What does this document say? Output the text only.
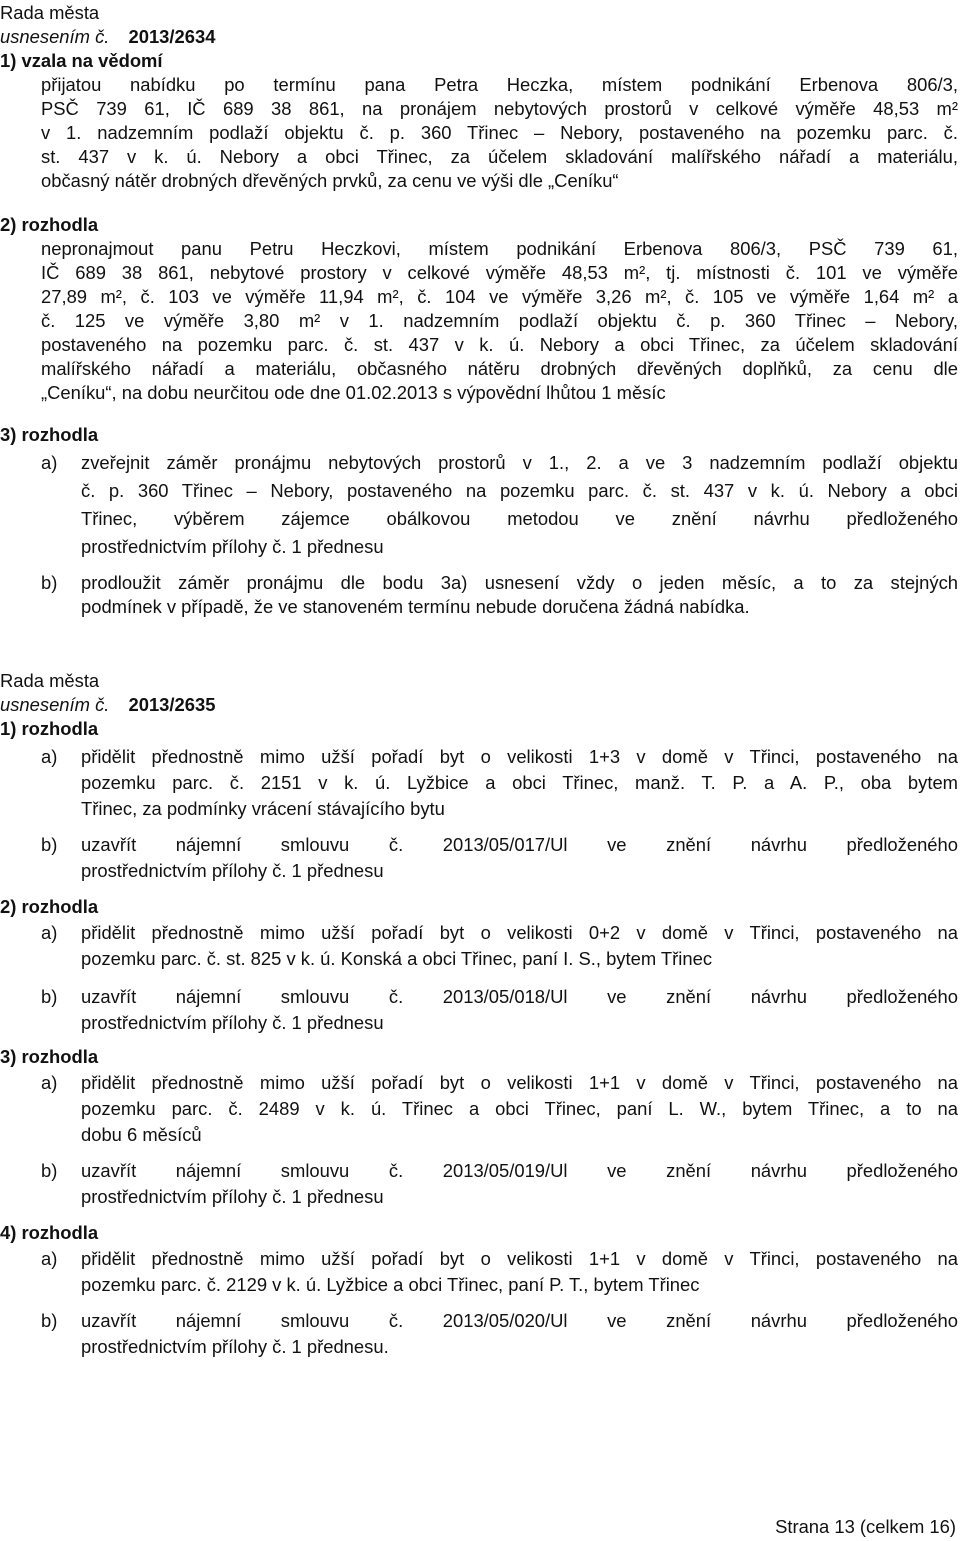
Rada města
usnesením č. 2013/2634
1) vzala na vědomí
přijatou nabídku po termínu pana Petra Heczka, místem podnikání Erbenova 806/3,
PSČ 739 61, IČ 689 38 861, na pronájem nebytových prostorů v celkové výměře 48,53 m²
v 1. nadzemním podlaží objektu č. p. 360 Třinec – Nebory, postaveného na pozemku parc. č.
st. 437 v k. ú. Nebory a obci Třinec, za účelem skladování malířského nářadí a materiálu,
občasný nátěr drobných dřevěných prvků, za cenu ve výši dle „Ceníku“
2) rozhodla
nepronajmout panu Petru Heczkovi, místem podnikání Erbenova 806/3, PSČ 739 61,
IČ 689 38 861, nebytové prostory v celkové výměře 48,53 m², tj. místnosti č. 101 ve výměře
27,89 m², č. 103 ve výměře 11,94 m², č. 104 ve výměře 3,26 m², č. 105 ve výměře 1,64 m² a
č. 125 ve výměře 3,80 m² v 1. nadzemním podlaží objektu č. p. 360 Třinec – Nebory,
postaveného na pozemku parc. č. st. 437 v k. ú. Nebory a obci Třinec, za účelem skladování
malířského nářadí a materiálu, občasného nátěru drobných dřevěných doplňků, za cenu dle
„Ceníku“, na dobu neurčitou ode dne 01.02.2013 s výpovědní lhůtou 1 měsíc
3) rozhodla
a) zveřejnit záměr pronájmu nebytových prostorů v 1., 2. a ve 3 nadzemním podlaží objektu
č. p. 360 Třinec – Nebory, postaveného na pozemku parc. č. st. 437 v k. ú. Nebory a obci
Třinec, výběrem zájemce obálkovou metodou ve znění návrhu předloženého
prostřednictvím přílohy č. 1 přednesu
b) prodloužit záměr pronájmu dle bodu 3a) usnesení vždy o jeden měsíc, a to za stejných
podmínek v případě, že ve stanoveném termínu nebude doručena žádná nabídka.
Rada města
usnesením č. 2013/2635
1) rozhodla
a) přidělit přednostně mimo užší pořadí byt o velikosti 1+3 v domě v Třinci, postaveného na
pozemku parc. č. 2151 v k. ú. Lyžbice a obci Třinec, manž. T. P. a A. P., oba bytem
Třinec, za podmínky vrácení stávajícího bytu
b) uzavřít nájemní smlouvu č. 2013/05/017/Ul ve znění návrhu předloženého
prostřednictvím přílohy č. 1 přednesu
2) rozhodla
a) přidělit přednostně mimo užší pořadí byt o velikosti 0+2 v domě v Třinci, postaveného na
pozemku parc. č. st. 825 v k. ú. Konská a obci Třinec, paní I. S., bytem Třinec
b) uzavřít nájemní smlouvu č. 2013/05/018/Ul ve znění návrhu předloženého
prostřednictvím přílohy č. 1 přednesu
3) rozhodla
a) přidělit přednostně mimo užší pořadí byt o velikosti 1+1 v domě v Třinci, postaveného na
pozemku parc. č. 2489 v k. ú. Třinec a obci Třinec, paní L. W., bytem Třinec, a to na
dobu 6 měsíců
b) uzavřít nájemní smlouvu č. 2013/05/019/Ul ve znění návrhu předloženého
prostřednictvím přílohy č. 1 přednesu
4) rozhodla
a) přidělit přednostně mimo užší pořadí byt o velikosti 1+1 v domě v Třinci, postaveného na
pozemku parc. č. 2129 v k. ú. Lyžbice a obci Třinec, paní P. T., bytem Třinec
b) uzavřít nájemní smlouvu č. 2013/05/020/Ul ve znění návrhu předloženého
prostřednictvím přílohy č. 1 přednesu.
Strana 13 (celkem 16)
